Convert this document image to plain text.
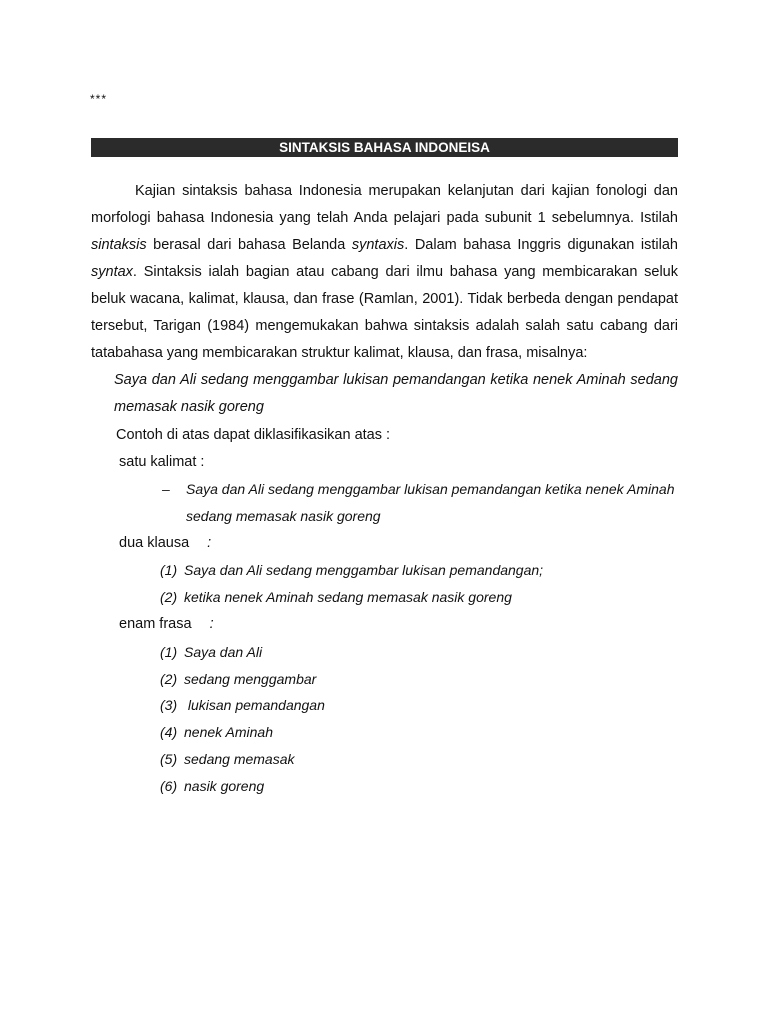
***
SINTAKSIS BAHASA INDONEISA
Kajian sintaksis bahasa Indonesia merupakan kelanjutan dari kajian fonologi dan morfologi bahasa Indonesia yang telah Anda pelajari pada subunit 1 sebelumnya. Istilah sintaksis berasal dari bahasa Belanda syntaxis. Dalam bahasa Inggris digunakan istilah syntax. Sintaksis ialah bagian atau cabang dari ilmu bahasa yang membicarakan seluk beluk wacana, kalimat, klausa, dan frase (Ramlan, 2001). Tidak berbeda dengan pendapat tersebut, Tarigan (1984) mengemukakan bahwa sintaksis adalah salah satu cabang dari tatabahasa yang membicarakan struktur kalimat, klausa, dan frasa, misalnya:
Saya dan Ali sedang menggambar lukisan pemandangan ketika nenek Aminah sedang memasak nasik goreng
Contoh di atas dapat diklasifikasikan atas :
satu kalimat :
– Saya dan Ali sedang menggambar lukisan pemandangan ketika nenek Aminah sedang memasak nasik goreng
dua klausa :
(1) Saya dan Ali sedang menggambar lukisan pemandangan;
(2) ketika nenek Aminah sedang memasak nasik goreng
enam frasa :
(1) Saya dan Ali
(2) sedang menggambar
(3) lukisan pemandangan
(4) nenek Aminah
(5) sedang memasak
(6) nasik goreng
